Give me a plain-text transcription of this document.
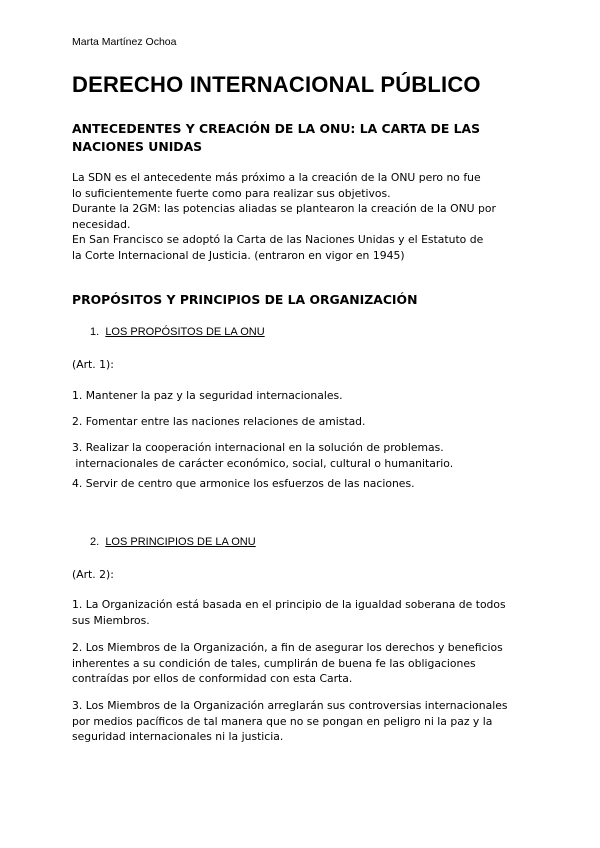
Marta Martínez Ochoa
DERECHO INTERNACIONAL PÚBLICO
ANTECEDENTES Y CREACIÓN DE LA ONU: LA CARTA DE LAS
NACIONES UNIDAS
La SDN es el antecedente más próximo a la creación de la ONU pero no fue
lo suficientemente fuerte como para realizar sus objetivos.
Durante la 2GM: las potencias aliadas se plantearon la creación de la ONU por
necesidad.
En San Francisco se adoptó la Carta de las Naciones Unidas y el Estatuto de
la Corte Internacional de Justicia. (entraron en vigor en 1945)
PROPÓSITOS Y PRINCIPIOS DE LA ORGANIZACIÓN
1. LOS PROPÓSITOS DE LA ONU
(Art. 1):
1. Mantener la paz y la seguridad internacionales.
2. Fomentar entre las naciones relaciones de amistad.
3. Realizar la cooperación internacional en la solución de problemas.
internacionales de carácter económico, social, cultural o humanitario.
4. Servir de centro que armonice los esfuerzos de las naciones.
2. LOS PRINCIPIOS DE LA ONU
(Art. 2):
1. La Organización está basada en el principio de la igualdad soberana de todos
sus Miembros.
2. Los Miembros de la Organización, a fin de asegurar los derechos y beneficios
inherentes a su condición de tales, cumplirán de buena fe las obligaciones
contraídas por ellos de conformidad con esta Carta.
3. Los Miembros de la Organización arreglarán sus controversias internacionales
por medios pacíficos de tal manera que no se pongan en peligro ni la paz y la
seguridad internacionales ni la justicia.
